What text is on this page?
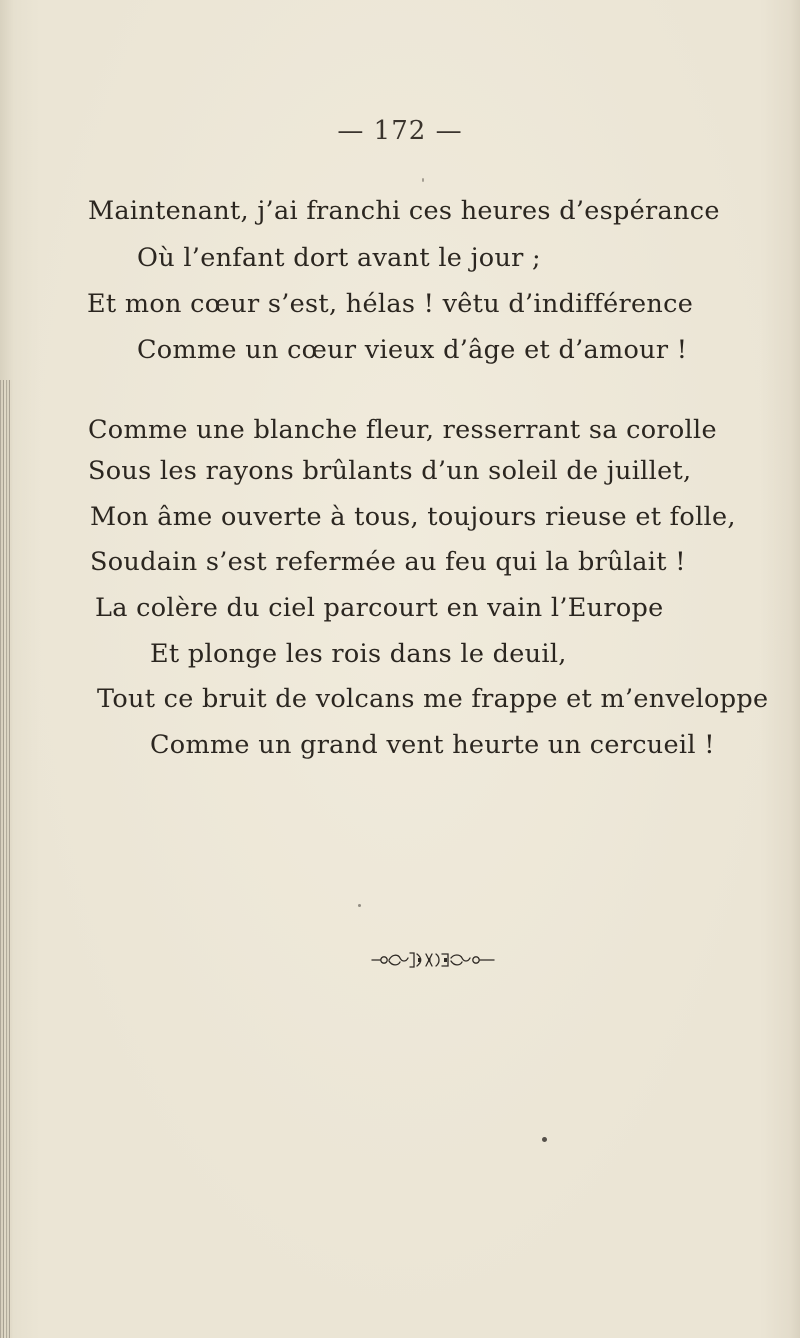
— 172 —
Maintenant, j’ai franchi ces heures d’espérance
Où l’enfant dort avant le jour ;
Et mon cœur s’est, hélas ! vêtu d’indifférence
Comme un cœur vieux d’âge et d’amour !
Comme une blanche fleur, resserrant sa corolle
Sous les rayons brûlants d’un soleil de juillet,
Mon âme ouverte à tous, toujours rieuse et folle,
Soudain s’est refermée au feu qui la brûlait !
La colère du ciel parcourt en vain l’Europe
Et plonge les rois dans le deuil,
Tout ce bruit de volcans me frappe et m’enveloppe
Comme un grand vent heurte un cercueil !
